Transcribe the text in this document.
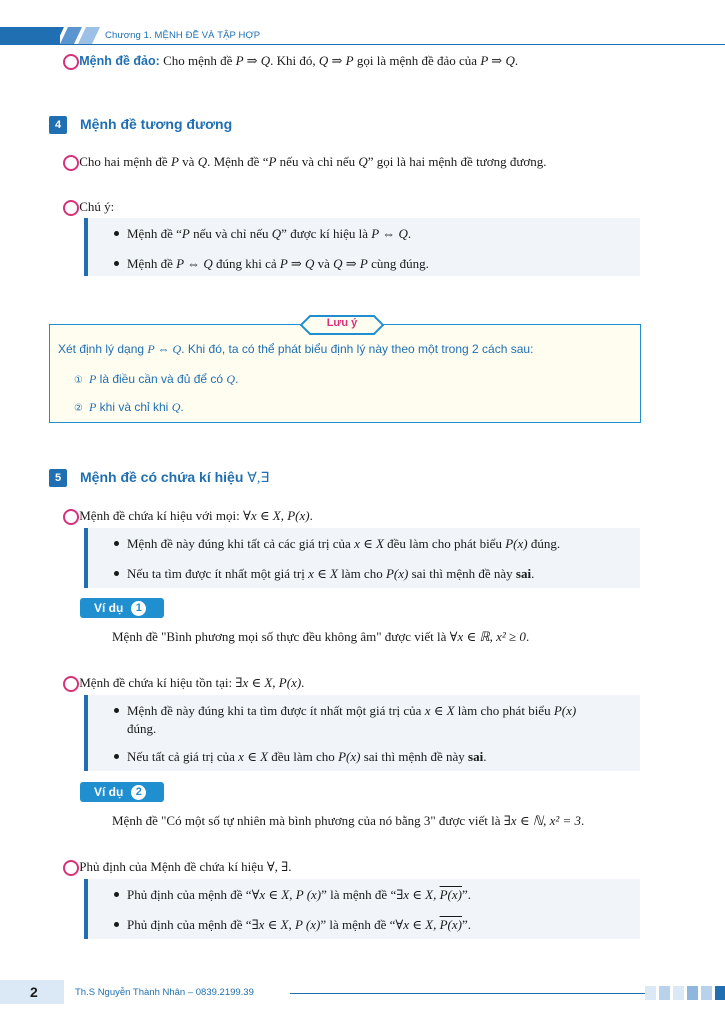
Chương 1. MỆNH ĐỀ VÀ TẬP HỢP
Mệnh đề đảo: Cho mệnh đề P ⇒ Q. Khi đó, Q ⇒ P gọi là mệnh đề đảo của P ⇒ Q.
4	Mệnh đề tương đương
Cho hai mệnh đề P và Q. Mệnh đề “P nếu và chỉ nếu Q” gọi là hai mệnh đề tương đương.
Chú ý:
Mệnh đề “P nếu và chỉ nếu Q” được kí hiệu là P ⇔ Q.
Mệnh đề P ⇔ Q đúng khi cả P ⇒ Q và Q ⇒ P cùng đúng.
Lưu ý
Xét định lý dạng P ⇔ Q. Khi đó, ta có thể phát biểu định lý này theo một trong 2 cách sau:
① P là điều cần và đủ để có Q.
② P khi và chỉ khi Q.
5	Mệnh đề có chứa kí hiệu ∀,∃
Mệnh đề chứa kí hiệu với mọi: ∀x ∈ X, P(x).
Mệnh đề này đúng khi tất cả các giá trị của x ∈ X đều làm cho phát biểu P(x) đúng.
Nếu ta tìm được ít nhất một giá trị x ∈ X làm cho P(x) sai thì mệnh đề này sai.
Ví dụ 1
Mệnh đề "Bình phương mọi số thực đều không âm" được viết là ∀x ∈ ℝ, x² ≥ 0.
Mệnh đề chứa kí hiệu tồn tại: ∃x ∈ X, P(x).
Mệnh đề này đúng khi ta tìm được ít nhất một giá trị của x ∈ X làm cho phát biểu P(x)
đúng.
Nếu tất cả giá trị của x ∈ X đều làm cho P(x) sai thì mệnh đề này sai.
Ví dụ 2
Mệnh đề "Có một số tự nhiên mà bình phương của nó bằng 3" được viết là ∃x ∈ ℕ, x² = 3.
Phủ định của Mệnh đề chứa kí hiệu ∀, ∃.
Phủ định của mệnh đề “∀x ∈ X, P (x)” là mệnh đề “∃x ∈ X, P(x)”.
Phủ định của mệnh đề “∃x ∈ X, P (x)” là mệnh đề “∀x ∈ X, P(x)”.
2	Th.S Nguyễn Thành Nhân – 0839.2199.39
